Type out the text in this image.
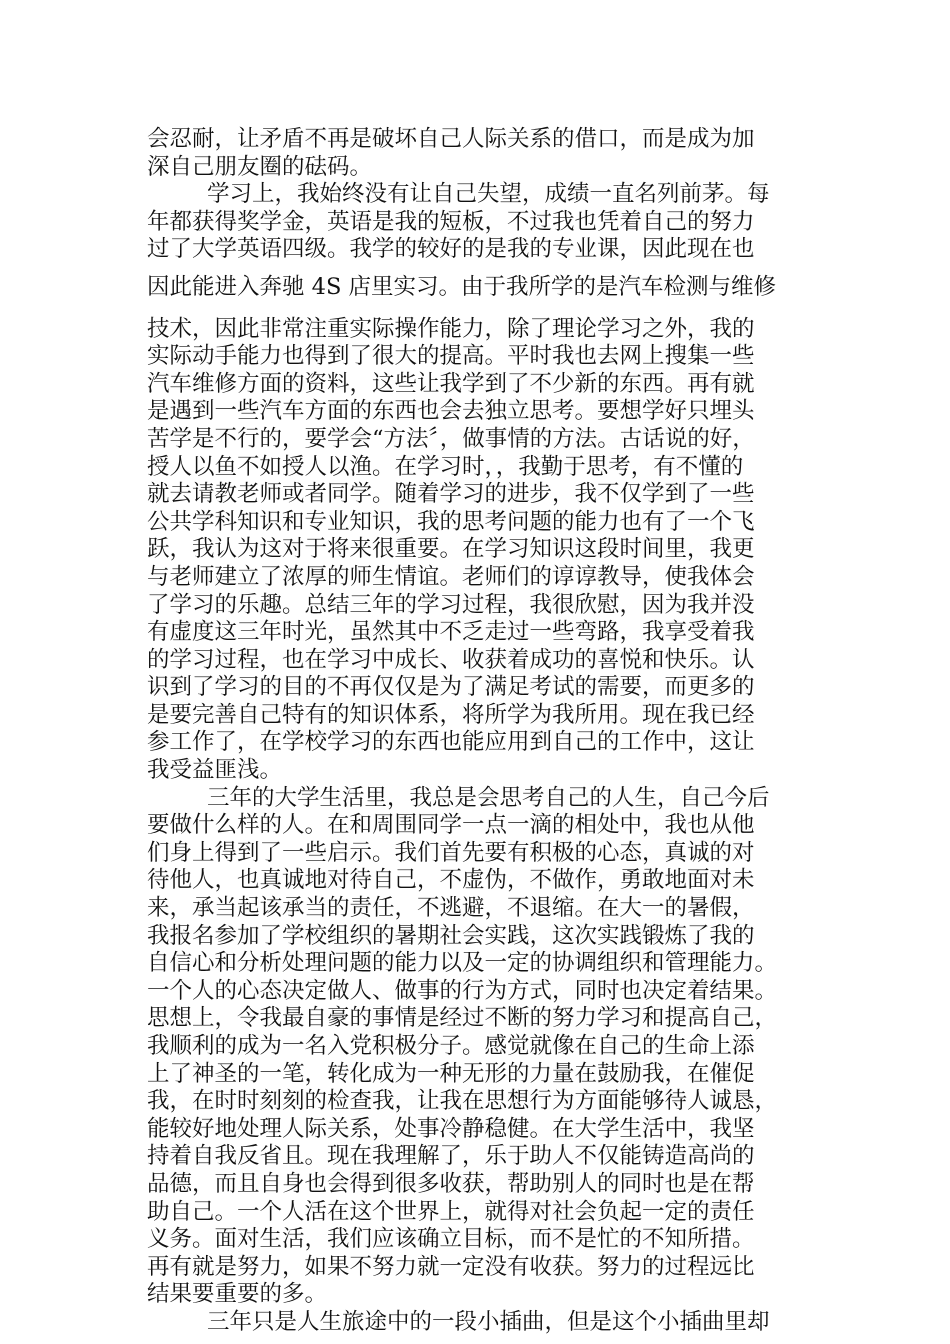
会忍耐，让矛盾不再是破坏自己人际关系的借口，而是成为加
深自己朋友圈的砝码。
学习上，我始终没有让自己失望，成绩一直名列前茅。每
年都获得奖学金，英语是我的短板，不过我也凭着自己的努力
过了大学英语四级。我学的较好的是我的专业课，因此现在也
因此能进入奔驰 4S 店里实习。由于我所学的是汽车检测与维修
技术，因此非常注重实际操作能力，除了理论学习之外，我的
实际动手能力也得到了很大的提高。平时我也去网上搜集一些
汽车维修方面的资料，这些让我学到了不少新的东西。再有就
是遇到一些汽车方面的东西也会去独立思考。要想学好只埋头
苦学是不行的，要学会“方法〞，做事情的方法。古话说的好，
授人以鱼不如授人以渔。在学习时，，我勤于思考，有不懂的
就去请教老师或者同学。随着学习的进步，我不仅学到了一些
公共学科知识和专业知识，我的思考问题的能力也有了一个飞
跃，我认为这对于将来很重要。在学习知识这段时间里，我更
与老师建立了浓厚的师生情谊。老师们的谆谆教导，使我体会
了学习的乐趣。总结三年的学习过程，我很欣慰，因为我并没
有虚度这三年时光，虽然其中不乏走过一些弯路，我享受着我
的学习过程，也在学习中成长、收获着成功的喜悦和快乐。认
识到了学习的目的不再仅仅是为了满足考试的需要，而更多的
是要完善自己特有的知识体系，将所学为我所用。现在我已经
参工作了，在学校学习的东西也能应用到自己的工作中，这让
我受益匪浅。
三年的大学生活里，我总是会思考自己的人生，自己今后
要做什么样的人。在和周围同学一点一滴的相处中，我也从他
们身上得到了一些启示。我们首先要有积极的心态，真诚的对
待他人，也真诚地对待自己，不虚伪，不做作，勇敢地面对未
来，承当起该承当的责任，不逃避，不退缩。在大一的暑假，
我报名参加了学校组织的暑期社会实践，这次实践锻炼了我的
自信心和分析处理问题的能力以及一定的协调组织和管理能力。
一个人的心态决定做人、做事的行为方式，同时也决定着结果。
思想上，令我最自豪的事情是经过不断的努力学习和提高自己，
我顺利的成为一名入党积极分子。感觉就像在自己的生命上添
上了神圣的一笔，转化成为一种无形的力量在鼓励我，在催促
我，在时时刻刻的检查我，让我在思想行为方面能够待人诚恳，
能较好地处理人际关系，处事冷静稳健。在大学生活中，我坚
持着自我反省且。现在我理解了，乐于助人不仅能铸造高尚的
品德，而且自身也会得到很多收获，帮助别人的同时也是在帮
助自己。一个人活在这个世界上，就得对社会负起一定的责任
义务。面对生活，我们应该确立目标，而不是忙的不知所措。
再有就是努力，如果不努力就一定没有收获。努力的过程远比
结果要重要的多。
三年只是人生旅途中的一段小插曲，但是这个小插曲里却
